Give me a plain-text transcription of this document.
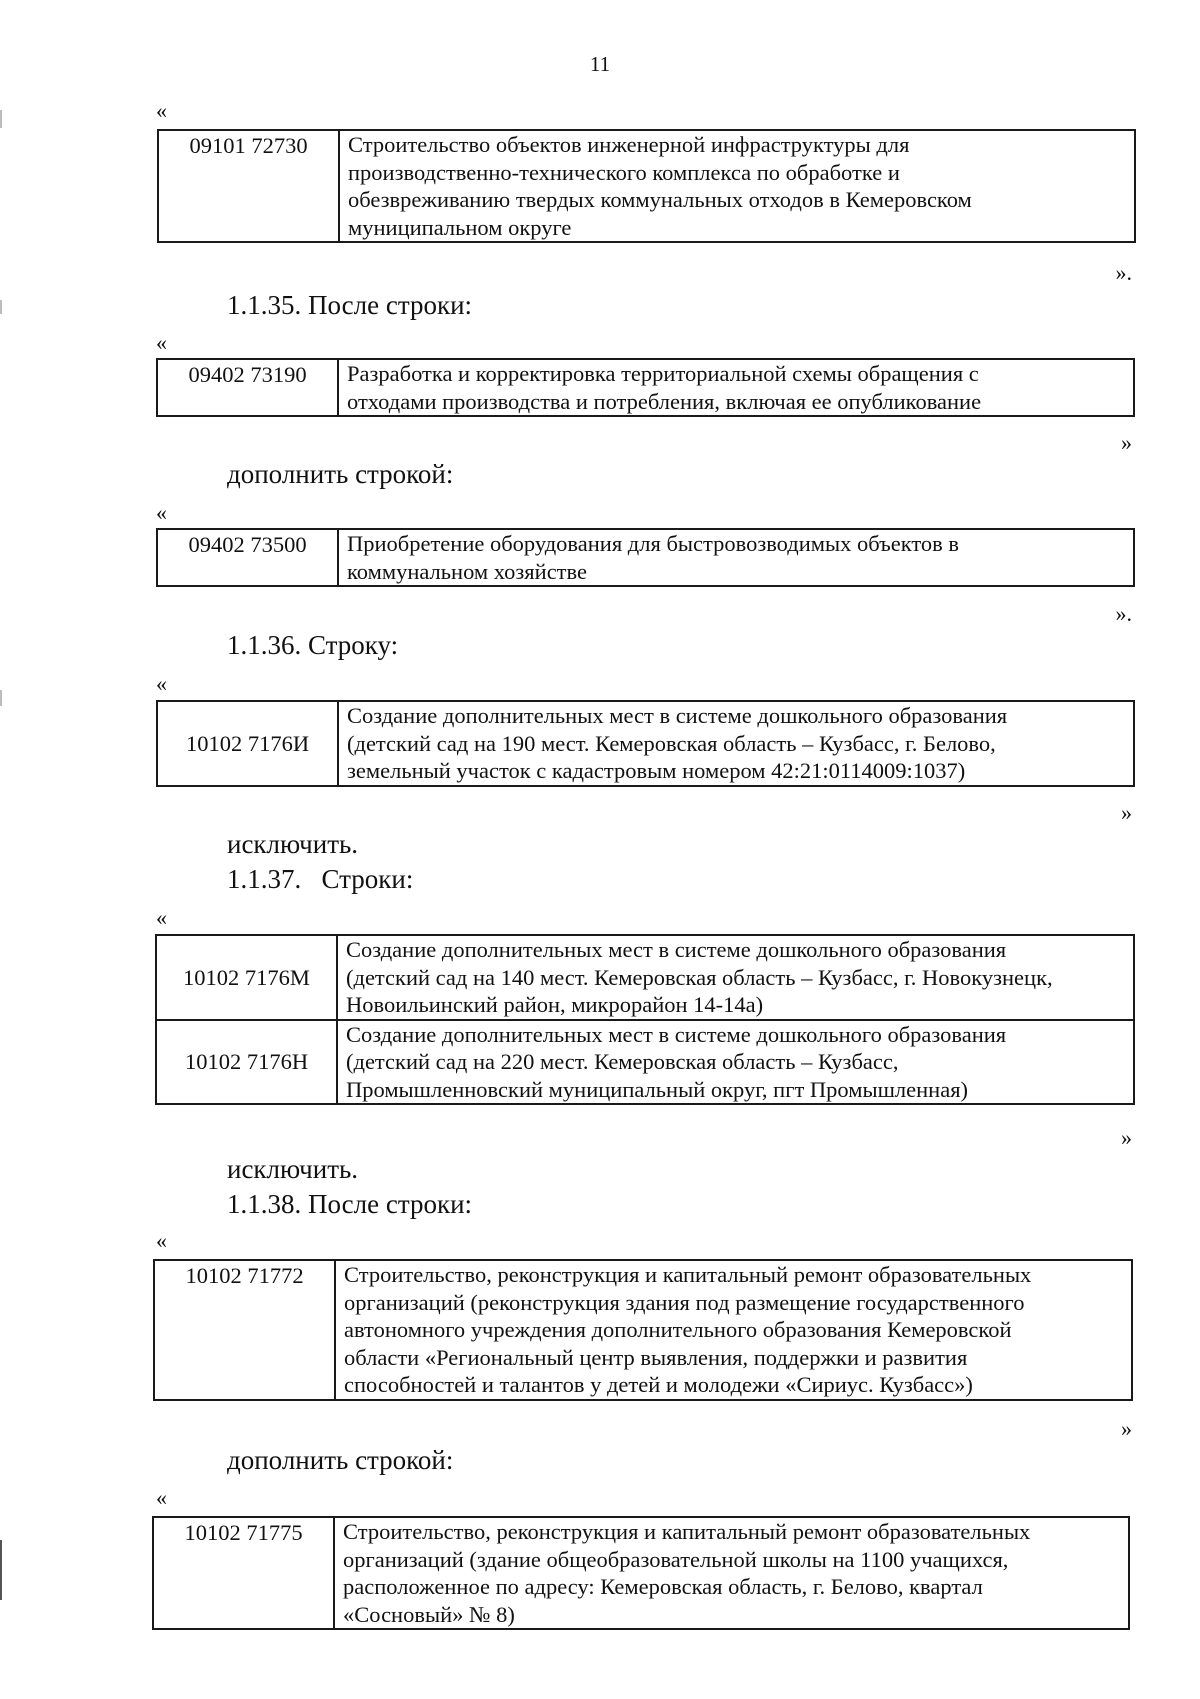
11
«
09101 72730	Строительство объектов инженерной инфраструктуры для
производственно-технического комплекса по обработке и
обезвреживанию твердых коммунальных отходов в Кемеровском
муниципальном округе
».
1.1.35. После строки:
«
09402 73190	Разработка и корректировка территориальной схемы обращения с
отходами производства и потребления, включая ее опубликование
»
дополнить строкой:
«
09402 73500	Приобретение оборудования для быстровозводимых объектов в
коммунальном хозяйстве
».
1.1.36. Строку:
«
10102 7176И	
Создание дополнительных мест в системе дошкольного образования
(детский сад на 190 мест. Кемеровская область – Кузбасс, г. Белово,
земельный участок с кадастровым номером 42:21:0114009:1037)
»
исключить.
1.1.37.   Строки:
«
10102 7176М	Создание дополнительных мест в системе дошкольного образования
(детский сад на 140 мест. Кемеровская область – Кузбасс, г. Новокузнецк,
Новоильинский район, микрорайон 14-14а)

10102 7176Н	Создание дополнительных мест в системе дошкольного образования
(детский сад на 220 мест. Кемеровская область – Кузбасс,
Промышленновский муниципальный округ, пгт Промышленная)
»
исключить.
1.1.38. После строки:
«
10102 71772	Строительство, реконструкция и капитальный ремонт образовательных
организаций (реконструкция здания под размещение государственного
автономного учреждения дополнительного образования Кемеровской
области «Региональный центр выявления, поддержки и развития
способностей и талантов у детей и молодежи «Сириус. Кузбасс»)
»
дополнить строкой:
«
10102 71775	Строительство, реконструкция и капитальный ремонт образовательных
организаций (здание общеобразовательной школы на 1100 учащихся,
расположенное по адресу: Кемеровская область, г. Белово, квартал
«Сосновый» № 8)
